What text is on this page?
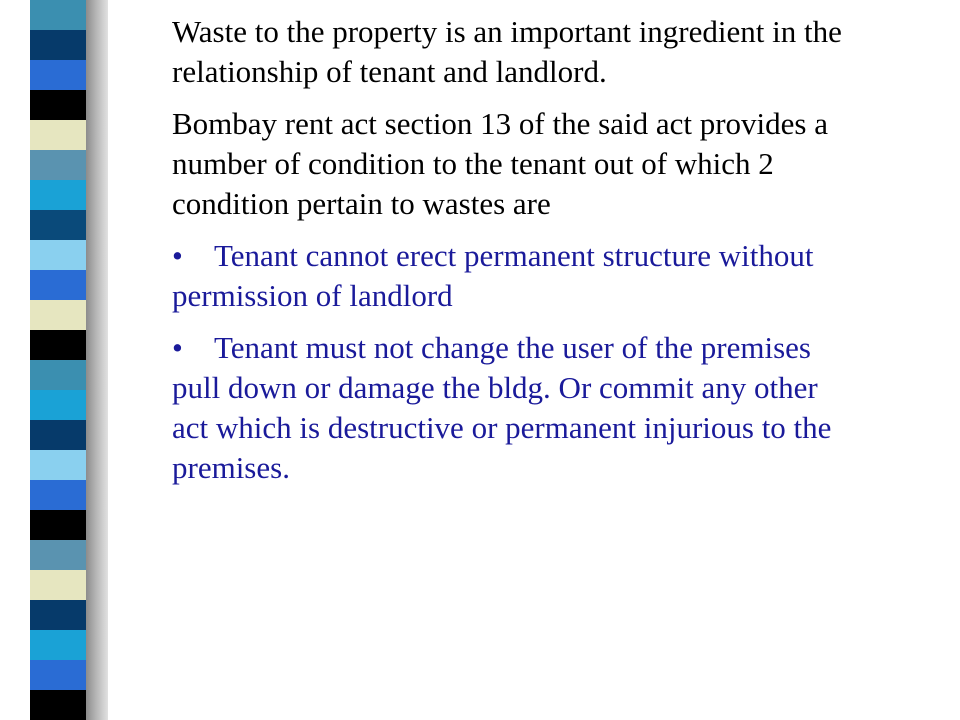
Waste to the property is an important ingredient in the relationship of tenant and landlord.

Bombay rent act section 13 of the said act provides a number of condition to the tenant out of which 2 condition pertain to wastes are

• Tenant cannot erect permanent structure without permission of landlord

• Tenant must not change the user of the premises pull down or damage the bldg. Or commit any other act which is destructive or permanent injurious to the premises.
